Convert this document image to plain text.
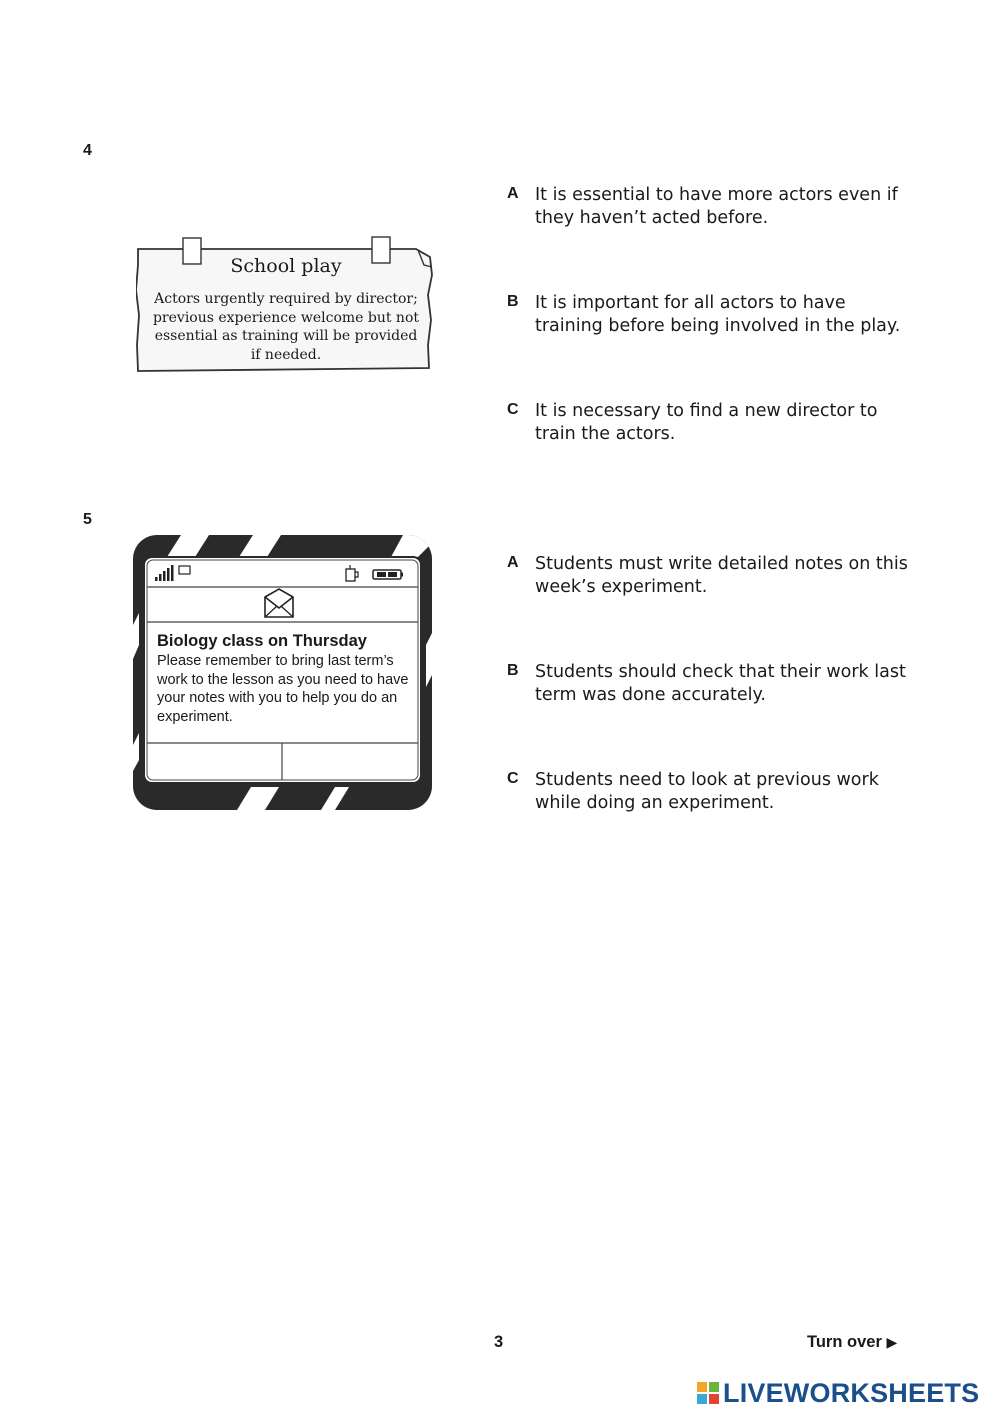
4
School play
Actors urgently required by director; previous experience welcome but not essential as training will be provided if needed.
A It is essential to have more actors even if they haven’t acted before.
B It is important for all actors to have training before being involved in the play.
C It is necessary to find a new director to train the actors.
5
Biology class on Thursday
Please remember to bring last term’s work to the lesson as you need to have your notes with you to help you do an experiment.
A Students must write detailed notes on this week’s experiment.
B Students should check that their work last term was done accurately.
C Students need to look at previous work while doing an experiment.
3	Turn over ▶
LIVEWORKSHEETS
